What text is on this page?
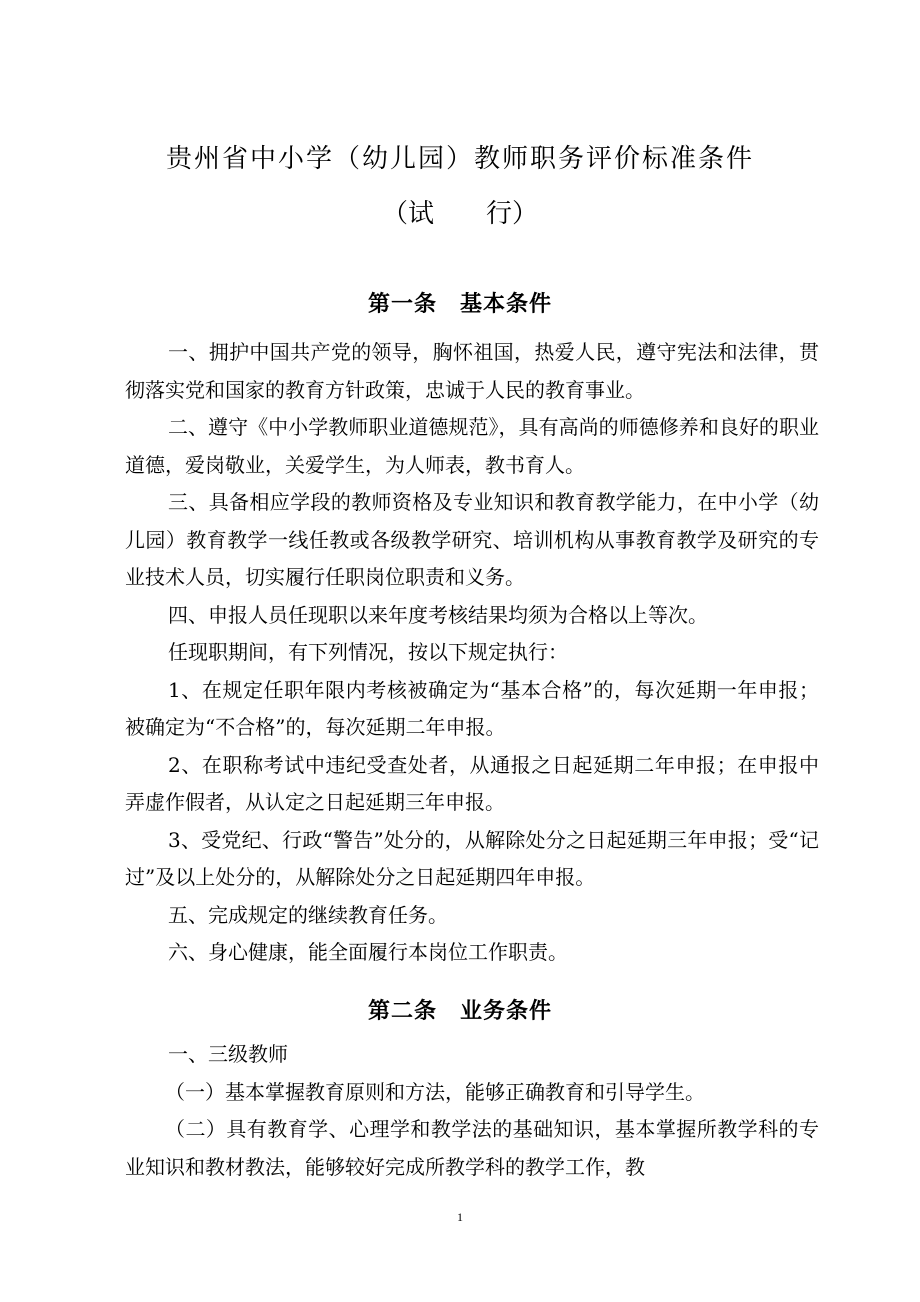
贵州省中小学（幼儿园）教师职务评价标准条件
（试　　行）
第一条　基本条件

一、拥护中国共产党的领导，胸怀祖国，热爱人民，遵守宪法和法律，贯彻落实党和国家的教育方针政策，忠诚于人民的教育事业。

二、遵守《中小学教师职业道德规范》，具有高尚的师德修养和良好的职业道德，爱岗敬业，关爱学生，为人师表，教书育人。

三、具备相应学段的教师资格及专业知识和教育教学能力，在中小学（幼儿园）教育教学一线任教或各级教学研究、培训机构从事教育教学及研究的专业技术人员，切实履行任职岗位职责和义务。

四、申报人员任现职以来年度考核结果均须为合格以上等次。

任现职期间，有下列情况，按以下规定执行：

1、在规定任职年限内考核被确定为“基本合格”的，每次延期一年申报；被确定为“不合格”的，每次延期二年申报。

2、在职称考试中违纪受查处者，从通报之日起延期二年申报；在申报中弄虚作假者，从认定之日起延期三年申报。

3、受党纪、行政“警告”处分的，从解除处分之日起延期三年申报；受“记过”及以上处分的，从解除处分之日起延期四年申报。

五、完成规定的继续教育任务。

六、身心健康，能全面履行本岗位工作职责。

第二条　业务条件

一、三级教师

（一）基本掌握教育原则和方法，能够正确教育和引导学生。

（二）具有教育学、心理学和教学法的基础知识，基本掌握所教学科的专业知识和教材教法，能够较好完成所教学科的教学工作，教

1
